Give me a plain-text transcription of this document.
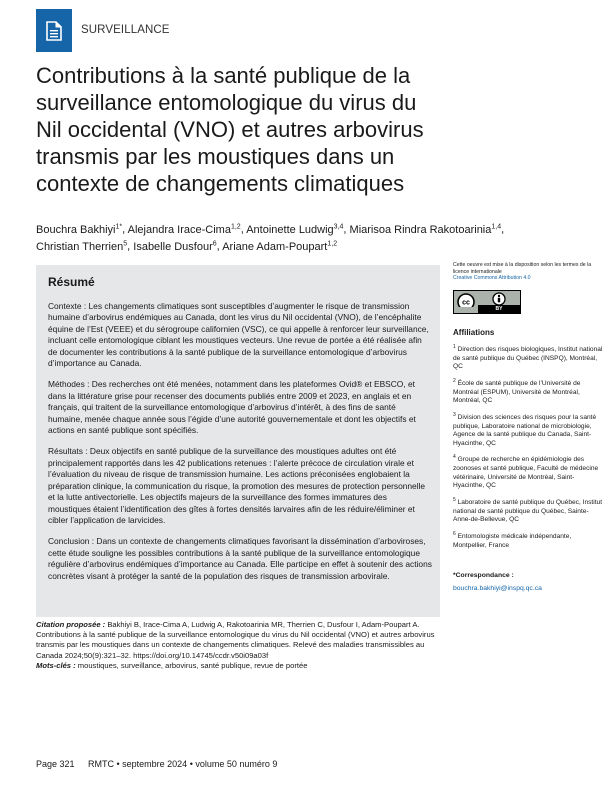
SURVEILLANCE
Contributions à la santé publique de la surveillance entomologique du virus du Nil occidental (VNO) et autres arbovirus transmis par les moustiques dans un contexte de changements climatiques
Bouchra Bakhiyi$^{1*}$, Alejandra Irace-Cima$^{1,2}$, Antoinette Ludwig$^{3,4}$, Miarisoa Rindra Rakotoarinia$^{1,4}$,
Christian Therrien$^5$, Isabelle Dusfour$^6$, Ariane Adam-Poupart$^{1,2}$
Résumé

Contexte : Les changements climatiques sont susceptibles d’augmenter le risque de transmission humaine d’arbovirus endémiques au Canada, dont les virus du Nil occidental (VNO), de l’encéphalite équine de l’Est (VEEE) et du sérogroupe californien (VSC), ce qui appelle à renforcer leur surveillance, incluant celle entomologique ciblant les moustiques vecteurs. Une revue de portée a été réalisée afin de documenter les contributions à la santé publique de la surveillance entomologique d’arbovirus d’importance au Canada.

Méthodes : Des recherches ont été menées, notamment dans les plateformes Ovid® et EBSCO, et dans la littérature grise pour recenser des documents publiés entre 2009 et 2023, en anglais et en français, qui traitent de la surveillance entomologique d’arbovirus d’intérêt, à des fins de santé humaine, menée chaque année sous l’égide d’une autorité gouvernementale et dont les objectifs et actions en santé publique sont spécifiés.

Résultats : Deux objectifs en santé publique de la surveillance des moustiques adultes ont été principalement rapportés dans les 42 publications retenues : l’alerte précoce de circulation virale et l’évaluation du niveau de risque de transmission humaine. Les actions préconisées englobaient la préparation clinique, la communication du risque, la promotion des mesures de protection personnelle et la lutte antivectorielle. Les objectifs majeurs de la surveillance des formes immatures des moustiques étaient l’identification des gîtes à fortes densités larvaires afin de les réduire/éliminer et cibler l’application de larvicides.

Conclusion : Dans un contexte de changements climatiques favorisant la dissémination d’arboviroses, cette étude souligne les possibles contributions à la santé publique de la surveillance entomologique régulière d’arbovirus endémiques d’importance au Canada. Elle participe en effet à soutenir des actions concrètes visant à protéger la santé de la population des risques de transmission arbovirale.

Citation proposée : Bakhiyi B, Irace-Cima A, Ludwig A, Rakotoarinia MR, Therrien C, Dusfour I, Adam-Poupart A. Contributions à la santé publique de la surveillance entomologique du virus du Nil occidental (VNO) et autres arbovirus transmis par les moustiques dans un contexte de changements climatiques. Relevé des maladies transmissibles au Canada 2024;50(9):321–32. https://doi.org/10.14745/ccdr.v50i09a03f
Mots-clés : moustiques, surveillance, arbovirus, santé publique, revue de portée
Cette oeuvre est mise à la disposition selon les termes de la licence internationale
Creative Commons Attribution 4.0
cc
BY
Affiliations
$^1$ Direction des risques biologiques, Institut national de santé publique du Québec (INSPQ), Montréal, QC
$^2$ École de santé publique de l’Université de Montréal (ESPUM), Université de Montréal, Montréal, QC
$^3$ Division des sciences des risques pour la santé publique, Laboratoire national de microbiologie, Agence de la santé publique du Canada, Saint-Hyacinthe, QC
$^4$ Groupe de recherche en épidémiologie des zoonoses et santé publique, Faculté de médecine vétérinaire, Université de Montréal, Saint-Hyacinthe, QC
$^5$ Laboratoire de santé publique du Québec, Institut national de santé publique du Québec, Sainte-Anne-de-Bellevue, QC
$^6$ Entomologiste médicale indépendante, Montpellier, France
*Correspondance :
bouchra.bakhiyi@inspq.qc.ca
Page 321 RMTC • septembre 2024 • volume 50 numéro 9
